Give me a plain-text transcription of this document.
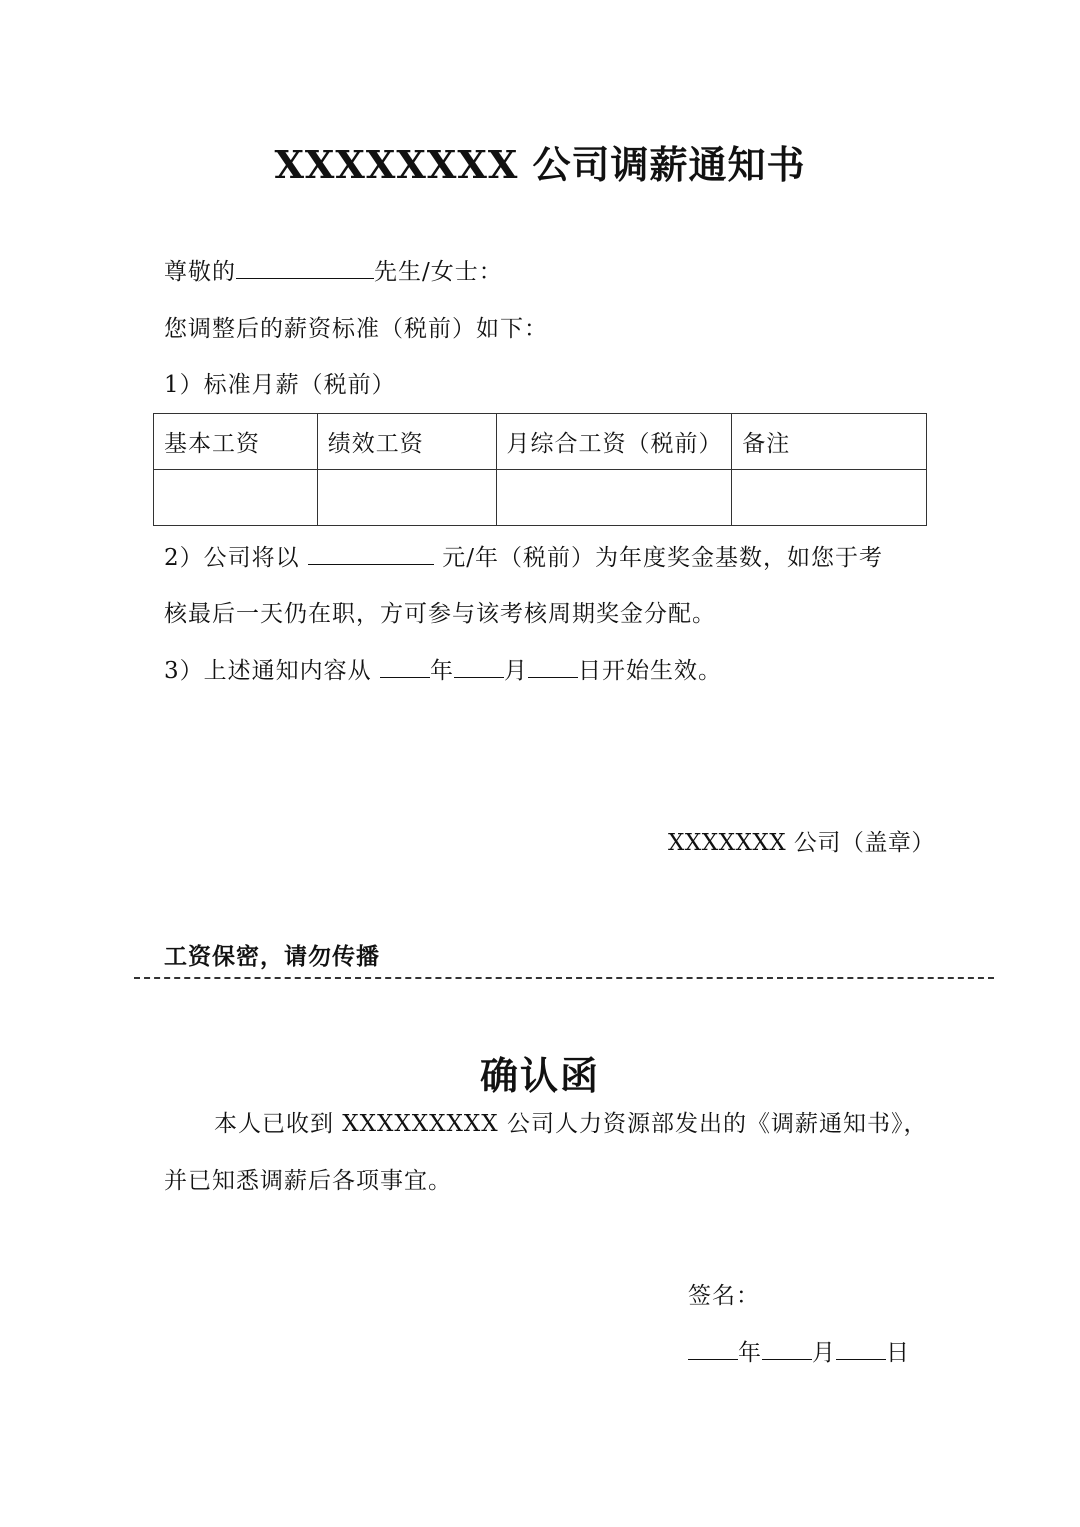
XXXXXXXX 公司调薪通知书
尊敬的	先生/女士：
您调整后的薪资标准（税前）如下：
1）标准月薪（税前）
基本工资	绩效工资	月综合工资（税前）	备注

2）公司将以	元/年（税前）为年度奖金基数，如您于考
核最后一天仍在职，方可参与该考核周期奖金分配。
3）上述通知内容从	年 月 日开始生效。
XXXXXXX 公司（盖章）
工资保密，请勿传播
确认函
本人已收到 XXXXXXXXX 公司人力资源部发出的《调薪通知书》，
并已知悉调薪后各项事宜。
签名：
年 月 日
